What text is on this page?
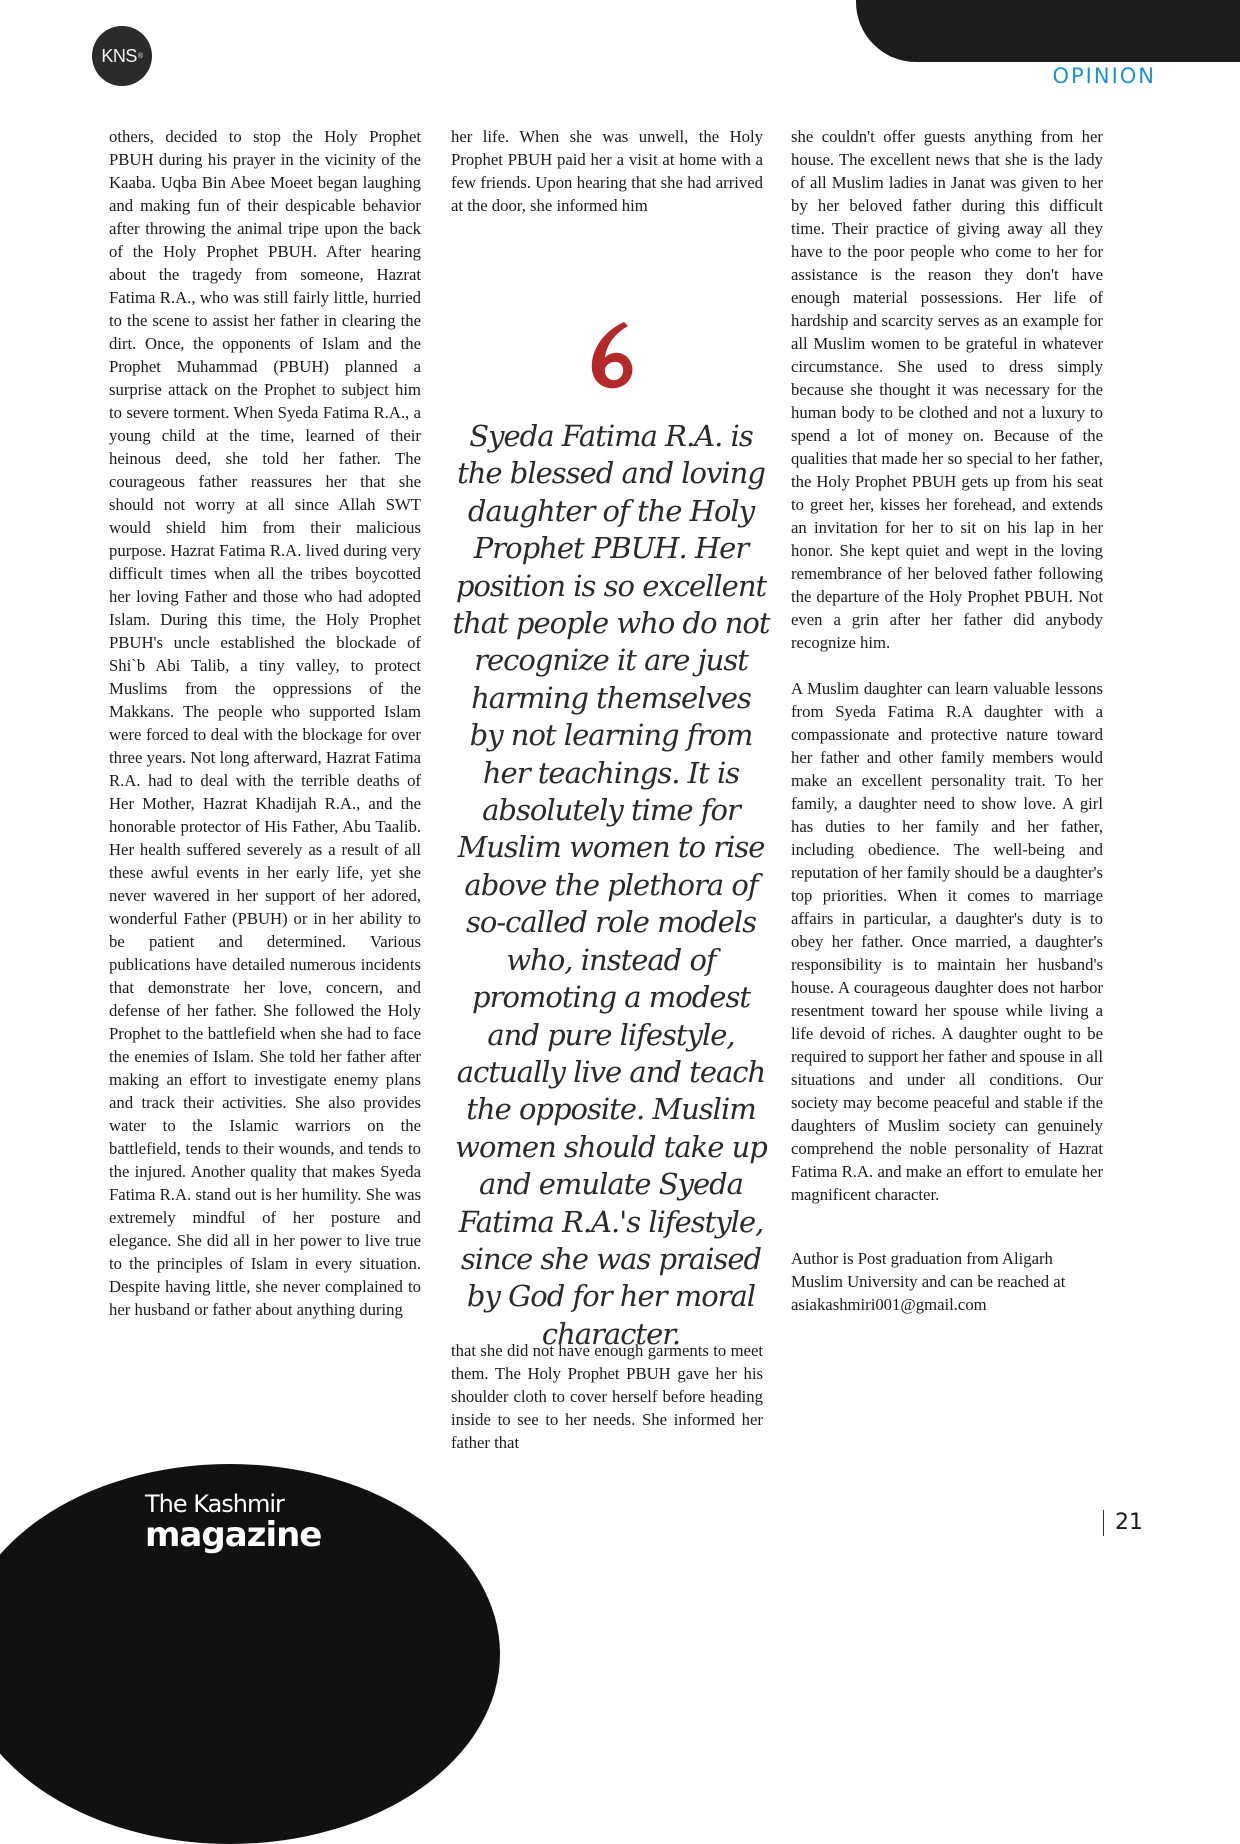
KNS ®
OPINION

others, decided to stop the Holy Prophet PBUH during his prayer in the vicinity of the Kaaba. Uqba Bin Abee Moeet began laughing and making fun of their despicable behavior after throwing the animal tripe upon the back of the Holy Prophet PBUH. After hearing about the tragedy from someone, Hazrat Fatima R.A., who was still fairly little, hurried to the scene to assist her father in clearing the dirt. Once, the opponents of Islam and the Prophet Muhammad (PBUH) planned a surprise attack on the Prophet to subject him to severe torment. When Syeda Fatima R.A., a young child at the time, learned of their heinous deed, she told her father. The courageous father reassures her that she should not worry at all since Allah SWT would shield him from their malicious purpose. Hazrat Fatima R.A. lived during very difficult times when all the tribes boycotted her loving Father and those who had adopted Islam. During this time, the Holy Prophet PBUH's uncle established the blockade of Shi`b Abi Talib, a tiny valley, to protect Muslims from the oppressions of the Makkans. The people who supported Islam were forced to deal with the blockage for over three years. Not long afterward, Hazrat Fatima R.A. had to deal with the terrible deaths of Her Mother, Hazrat Khadijah R.A., and the honorable protector of His Father, Abu Taalib. Her health suffered severely as a result of all these awful events in her early life, yet she never wavered in her support of her adored, wonderful Father (PBUH) or in her ability to be patient and determined. Various publications have detailed numerous incidents that demonstrate her love, concern, and defense of her father. She followed the Holy Prophet to the battlefield when she had to face the enemies of Islam. She told her father after making an effort to investigate enemy plans and track their activities. She also provides water to the Islamic warriors on the battlefield, tends to their wounds, and tends to the injured. Another quality that makes Syeda Fatima R.A. stand out is her humility. She was extremely mindful of her posture and elegance. She did all in her power to live true to the principles of Islam in every situation. Despite having little, she never complained to her husband or father about anything during

her life. When she was unwell, the Holy Prophet PBUH paid her a visit at home with a few friends. Upon hearing that she had arrived at the door, she informed him

Syeda Fatima R.A. is the blessed and loving daughter of the Holy Prophet PBUH. Her position is so excellent that people who do not recognize it are just harming themselves by not learning from her teachings. It is absolutely time for Muslim women to rise above the plethora of so-called role models who, instead of promoting a modest and pure lifestyle, actually live and teach the opposite. Muslim women should take up and emulate Syeda Fatima R.A.'s lifestyle, since she was praised by God for her moral character.

that she did not have enough garments to meet them. The Holy Prophet PBUH gave her his shoulder cloth to cover herself before heading inside to see to her needs. She informed her father that

she couldn't offer guests anything from her house. The excellent news that she is the lady of all Muslim ladies in Janat was given to her by her beloved father during this difficult time. Their practice of giving away all they have to the poor people who come to her for assistance is the reason they don't have enough material possessions. Her life of hardship and scarcity serves as an example for all Muslim women to be grateful in whatever circumstance. She used to dress simply because she thought it was necessary for the human body to be clothed and not a luxury to spend a lot of money on. Because of the qualities that made her so special to her father, the Holy Prophet PBUH gets up from his seat to greet her, kisses her forehead, and extends an invitation for her to sit on his lap in her honor. She kept quiet and wept in the loving remembrance of her beloved father following the departure of the Holy Prophet PBUH. Not even a grin after her father did anybody recognize him.

A Muslim daughter can learn valuable lessons from Syeda Fatima R.A daughter with a compassionate and protective nature toward her father and other family members would make an excellent personality trait. To her family, a daughter need to show love. A girl has duties to her family and her father, including obedience. The well-being and reputation of her family should be a daughter's top priorities. When it comes to marriage affairs in particular, a daughter's duty is to obey her father. Once married, a daughter's responsibility is to maintain her husband's house. A courageous daughter does not harbor resentment toward her spouse while living a life devoid of riches. A daughter ought to be required to support her father and spouse in all situations and under all conditions. Our society may become peaceful and stable if the daughters of Muslim society can genuinely comprehend the noble personality of Hazrat Fatima R.A. and make an effort to emulate her magnificent character.

Author is Post graduation from Aligarh Muslim University and can be reached at
asiakashmiri001@gmail.com

The Kashmir
magazine	21
